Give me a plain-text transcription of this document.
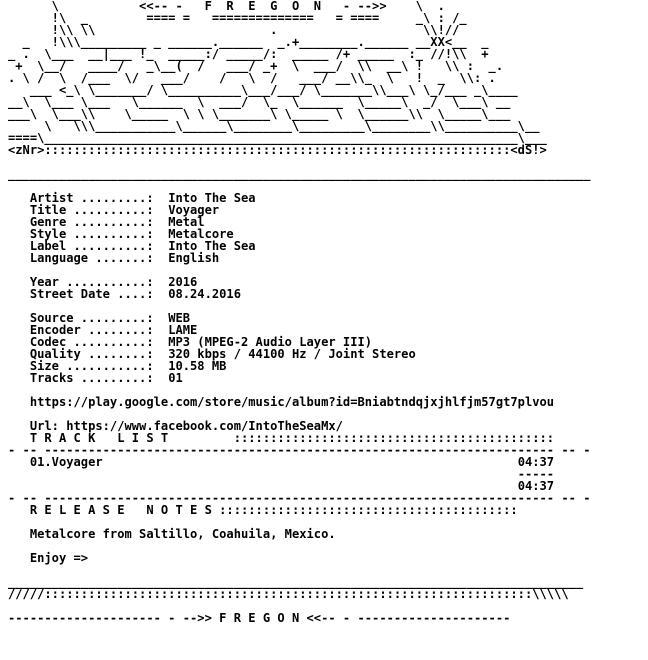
\           <<-- -   F  R  E  G  O  N   - -->>    \  .
!\  _        ==== =   ==============   = ====     _\ : /_
!\\ \\                        .                    \\!//
_   !\\\_________ _ ______.______  _.+________.______ __XX<__  _
_ .  \___  __|___ !_  _____:/ _____/:  _____ /+ _____  :_ //!\\  +
+  \__/   ____/   _\__(  /   ___/ _+  \  ___/  \\  __\ !   \\ :  _.
. \ /  \  /___  \/   ___/    /   \  /   ___/ __\\_  \   !  _  \\: .
___ <_\ \_______/ \__________\___/___/ \_______\\___\ \_/___ _\____
__\  \___ \___   \______  \  ___/  \_  \______  \_____\  _/  \___\ __
___\  \___\\    \_____  \ \ \_______\ \_____ \  \______\\  \_____\___
\   \\\___________\______\________\_________\________\\__________\__
====\_________________________________________________________________\___
<zNr>::::::::::::::::::::::::::::::::::::::::::::::::::::::::::::::::<dS!>
________________________________________________________________________________
Artist .........: Into The Sea
Title ..........: Voyager
Genre ..........: Metal
Style ..........: Metalcore
Label ..........: Into The Sea
Language .......: English
Year ...........: 2016
Street Date ....: 08.24.2016
Source .........: WEB
Encoder ........: LAME
Codec ..........: MP3 (MPEG-2 Audio Layer III)
Quality ........: 320 kbps / 44100 Hz / Joint Stereo
Size ...........: 10.58 MB
Tracks .........: 01
https://play.google.com/store/music/album?id=Bniabtndqjxjhlfjm57gt7plvou
Url: https://www.facebook.com/IntoTheSeaMx/
T R A C K   L I S T	::::::::::::::::::::::::::::::::::::::::::::
- -- ---------------------------------------------------------------------- -- -
01.Voyager	04:37
-----
04:37
- -- ---------------------------------------------------------------------- -- -
R E L E A S E   N O T E S :::::::::::::::::::::::::::::::::::::::::
Metalcore from Saltillo, Coahuila, Mexico.

Enjoy =>
_______________________________________________________________________________
/////:::::::::::::::::::::::::::::::::::::::::::::::::::::::::::::::::::\\\\\
--------------------- - -->> F R E G O N <<-- - ---------------------
